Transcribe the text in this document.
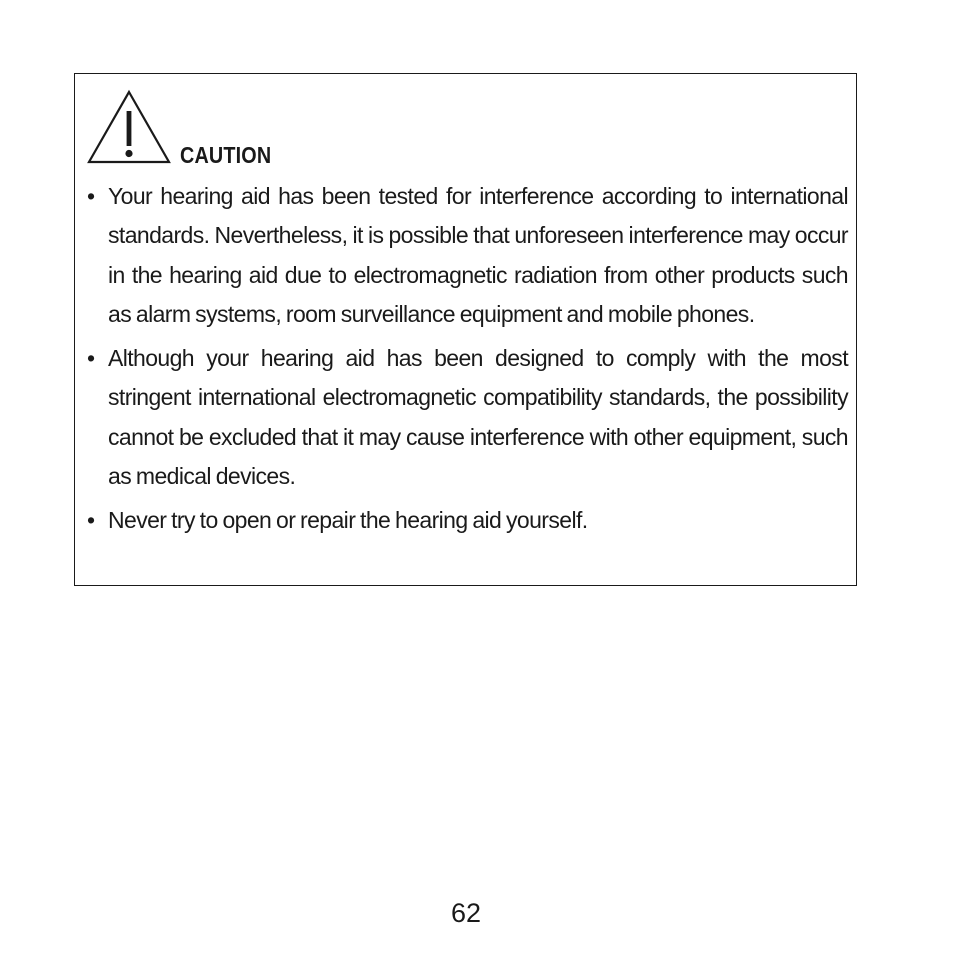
CAUTION
• Your hearing aid has been tested for interference according to international standards. Nevertheless, it is possible that unforeseen interference may occur in the hearing aid due to electromagnetic radiation from other products such as alarm systems, room surveillance equipment and mobile phones.
• Although your hearing aid has been designed to comply with the most stringent international electromagnetic compatibility standards, the possibility cannot be excluded that it may cause interference with other equipment, such as medical devices.
• Never try to open or repair the hearing aid yourself.
62
